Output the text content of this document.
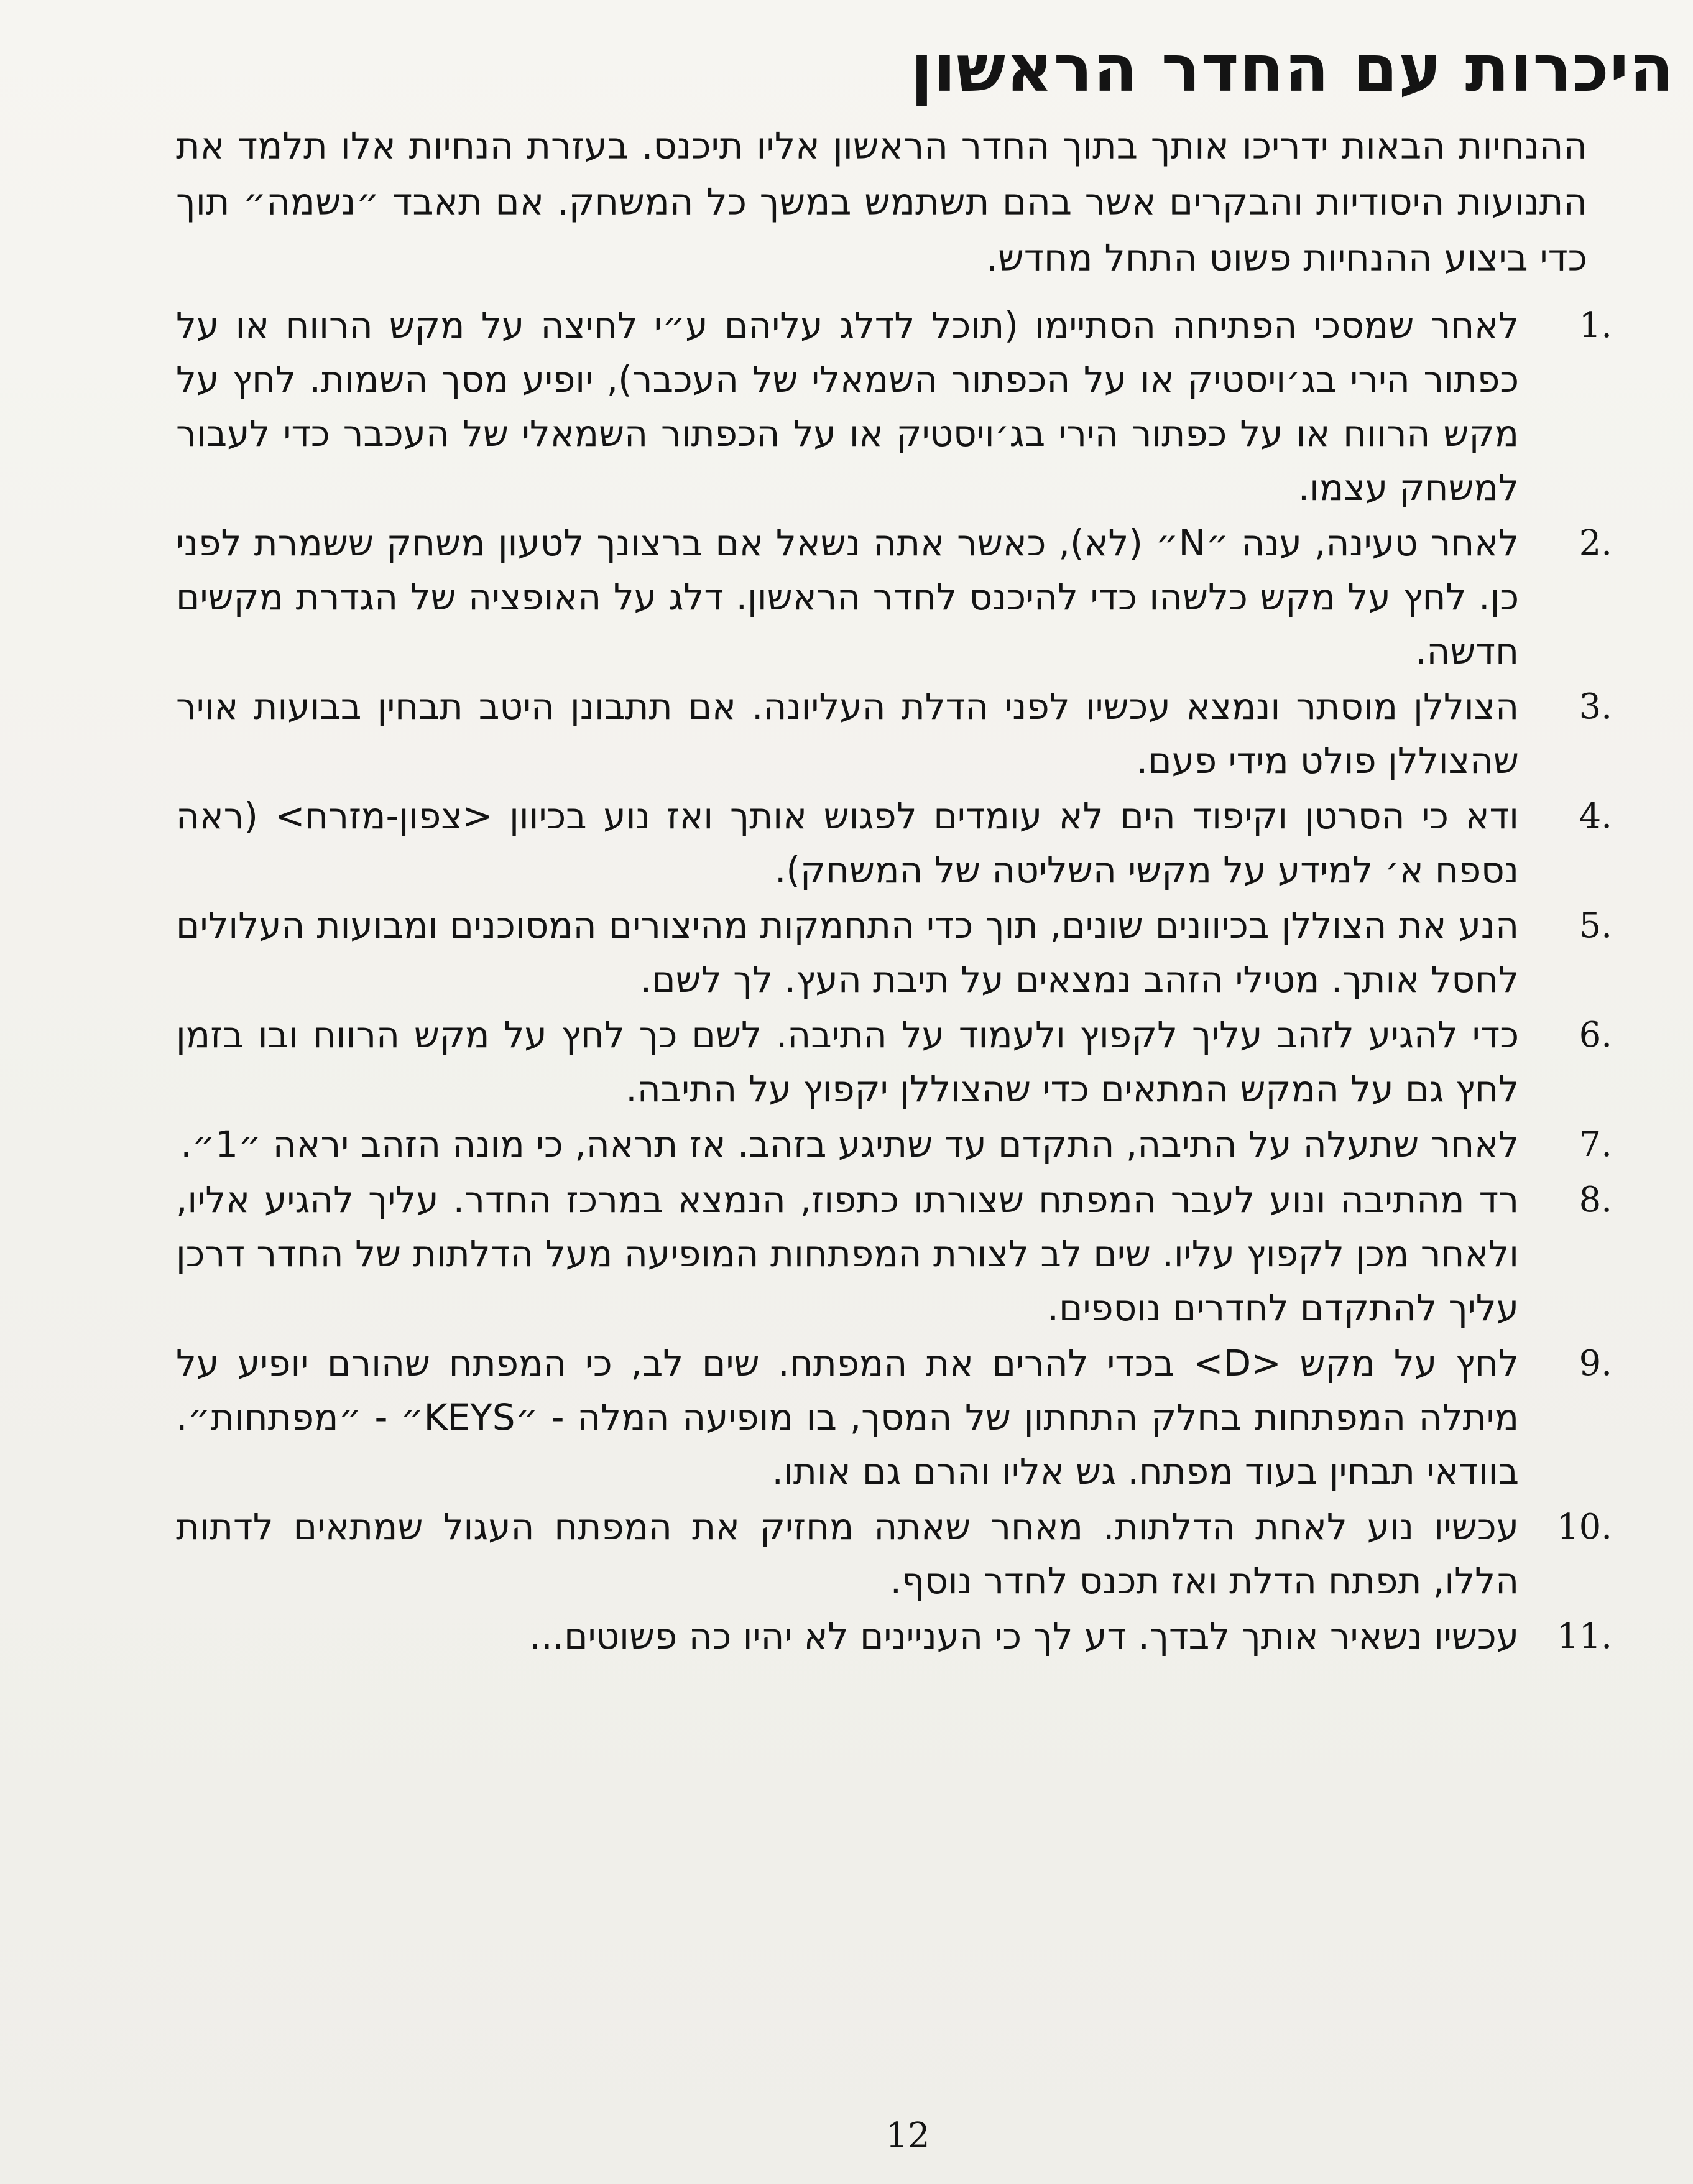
היכרות עם החדר הראשון
ההנחיות הבאות ידריכו אותך בתוך החדר הראשון אליו תיכנס. בעזרת הנחיות אלו תלמד את התנועות היסודיות והבקרים אשר בהם תשתמש במשך כל המשחק. אם תאבד ״נשמה״ תוך כדי ביצוע ההנחיות פשוט התחל מחדש.
1.
לאחר שמסכי הפתיחה הסתיימו (תוכל לדלג עליהם ע״י לחיצה על מקש הרווח או על כפתור הירי בג׳ויסטיק או על הכפתור השמאלי של העכבר), יופיע מסך השמות. לחץ על מקש הרווח או על כפתור הירי בג׳ויסטיק או על הכפתור השמאלי של העכבר כדי לעבור למשחק עצמו.
2.
לאחר טעינה, ענה ״N״ (לא), כאשר אתה נשאל אם ברצונך לטעון משחק ששמרת לפני כן. לחץ על מקש כלשהו כדי להיכנס לחדר הראשון. דלג על האופציה של הגדרת מקשים חדשה.
3.
הצוללן מוסתר ונמצא עכשיו לפני הדלת העליונה. אם תתבונן היטב תבחין בבועות אויר שהצוללן פולט מידי פעם.
4.
ודא כי הסרטן וקיפוד הים לא עומדים לפגוש אותך ואז נוע בכיוון <צפון-מזרח> (ראה נספח א׳ למידע על מקשי השליטה של המשחק).
5.
הנע את הצוללן בכיוונים שונים, תוך כדי התחמקות מהיצורים המסוכנים ומבועות העלולים לחסל אותך. מטילי הזהב נמצאים על תיבת העץ. לך לשם.
6.
כדי להגיע לזהב עליך לקפוץ ולעמוד על התיבה. לשם כך לחץ על מקש הרווח ובו בזמן לחץ גם על המקש המתאים כדי שהצוללן יקפוץ על התיבה.
7.
לאחר שתעלה על התיבה, התקדם עד שתיגע בזהב. אז תראה, כי מונה הזהב יראה ״1״.
8.
רד מהתיבה ונוע לעבר המפתח שצורתו כתפוז, הנמצא במרכז החדר. עליך להגיע אליו, ולאחר מכן לקפוץ עליו. שים לב לצורת המפתחות המופיעה מעל הדלתות של החדר דרכן עליך להתקדם לחדרים נוספים.
9.
לחץ על מקש <D> בכדי להרים את המפתח. שים לב, כי המפתח שהורם יופיע על מיתלה המפתחות בחלק התחתון של המסך, בו מופיעה המלה - ״KEYS״ - ״מפתחות״. בוודאי תבחין בעוד מפתח. גש אליו והרם גם אותו.
10.
עכשיו נוע לאחת הדלתות. מאחר שאתה מחזיק את המפתח העגול שמתאים לדתות הללו, תפתח הדלת ואז תכנס לחדר נוסף.
11.
עכשיו נשאיר אותך לבדך. דע לך כי העניינים לא יהיו כה פשוטים...
12
